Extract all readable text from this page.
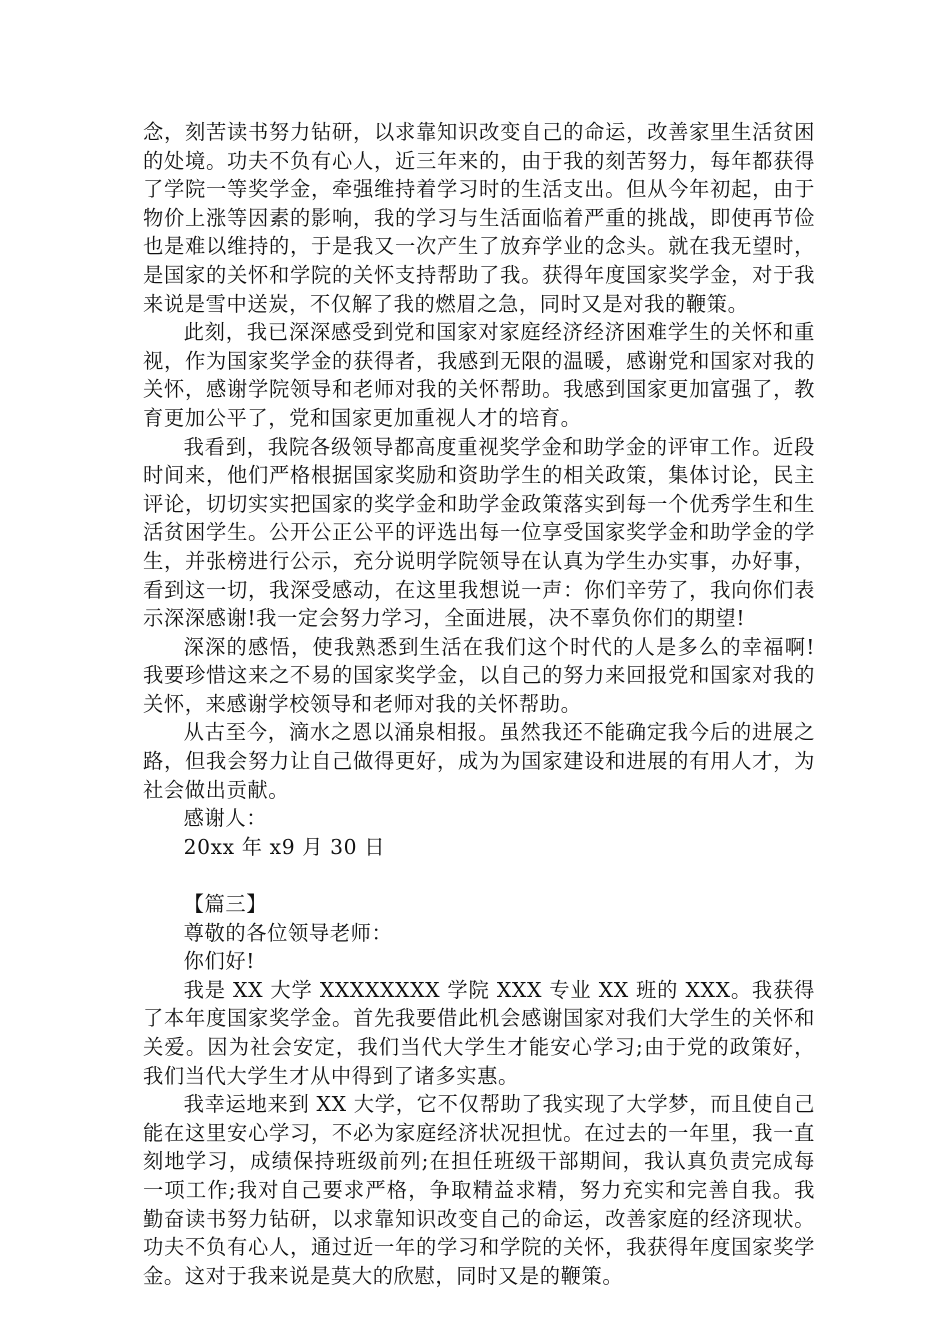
念，刻苦读书努力钻研，以求靠知识改变自己的命运，改善家里生活贫困的处境。功夫不负有心人，近三年来的，由于我的刻苦努力，每年都获得了学院一等奖学金，牵强维持着学习时的生活支出。但从今年初起，由于物价上涨等因素的影响，我的学习与生活面临着严重的挑战，即使再节俭也是难以维持的，于是我又一次产生了放弃学业的念头。就在我无望时，是国家的关怀和学院的关怀支持帮助了我。获得年度国家奖学金，对于我来说是雪中送炭，不仅解了我的燃眉之急，同时又是对我的鞭策。

此刻，我已深深感受到党和国家对家庭经济经济困难学生的关怀和重视，作为国家奖学金的获得者，我感到无限的温暖，感谢党和国家对我的关怀，感谢学院领导和老师对我的关怀帮助。我感到国家更加富强了，教育更加公平了，党和国家更加重视人才的培育。

我看到，我院各级领导都高度重视奖学金和助学金的评审工作。近段时间来，他们严格根据国家奖励和资助学生的相关政策，集体讨论，民主评论，切切实实把国家的奖学金和助学金政策落实到每一个优秀学生和生活贫困学生。公开公正公平的评选出每一位享受国家奖学金和助学金的学生，并张榜进行公示，充分说明学院领导在认真为学生办实事，办好事，看到这一切，我深受感动，在这里我想说一声：你们辛劳了，我向你们表示深深感谢!我一定会努力学习，全面进展，决不辜负你们的期望!

深深的感悟，使我熟悉到生活在我们这个时代的人是多么的幸福啊!我要珍惜这来之不易的国家奖学金，以自己的努力来回报党和国家对我的关怀，来感谢学校领导和老师对我的关怀帮助。

从古至今，滴水之恩以涌泉相报。虽然我还不能确定我今后的进展之路，但我会努力让自己做得更好，成为为国家建设和进展的有用人才，为社会做出贡献。

感谢人：

20xx 年 x9 月 30 日

【篇三】

尊敬的各位领导老师：

你们好!

我是 XX 大学 XXXXXXXX 学院 XXX 专业 XX 班的 XXX。我获得了本年度国家奖学金。首先我要借此机会感谢国家对我们大学生的关怀和关爱。因为社会安定，我们当代大学生才能安心学习;由于党的政策好，我们当代大学生才从中得到了诸多实惠。

我幸运地来到 XX 大学，它不仅帮助了我实现了大学梦，而且使自己能在这里安心学习，不必为家庭经济状况担忧。在过去的一年里，我一直刻地学习，成绩保持班级前列;在担任班级干部期间，我认真负责完成每一项工作;我对自己要求严格，争取精益求精，努力充实和完善自我。我勤奋读书努力钻研，以求靠知识改变自己的命运，改善家庭的经济现状。功夫不负有心人，通过近一年的学习和学院的关怀，我获得年度国家奖学金。这对于我来说是莫大的欣慰，同时又是的鞭策。
